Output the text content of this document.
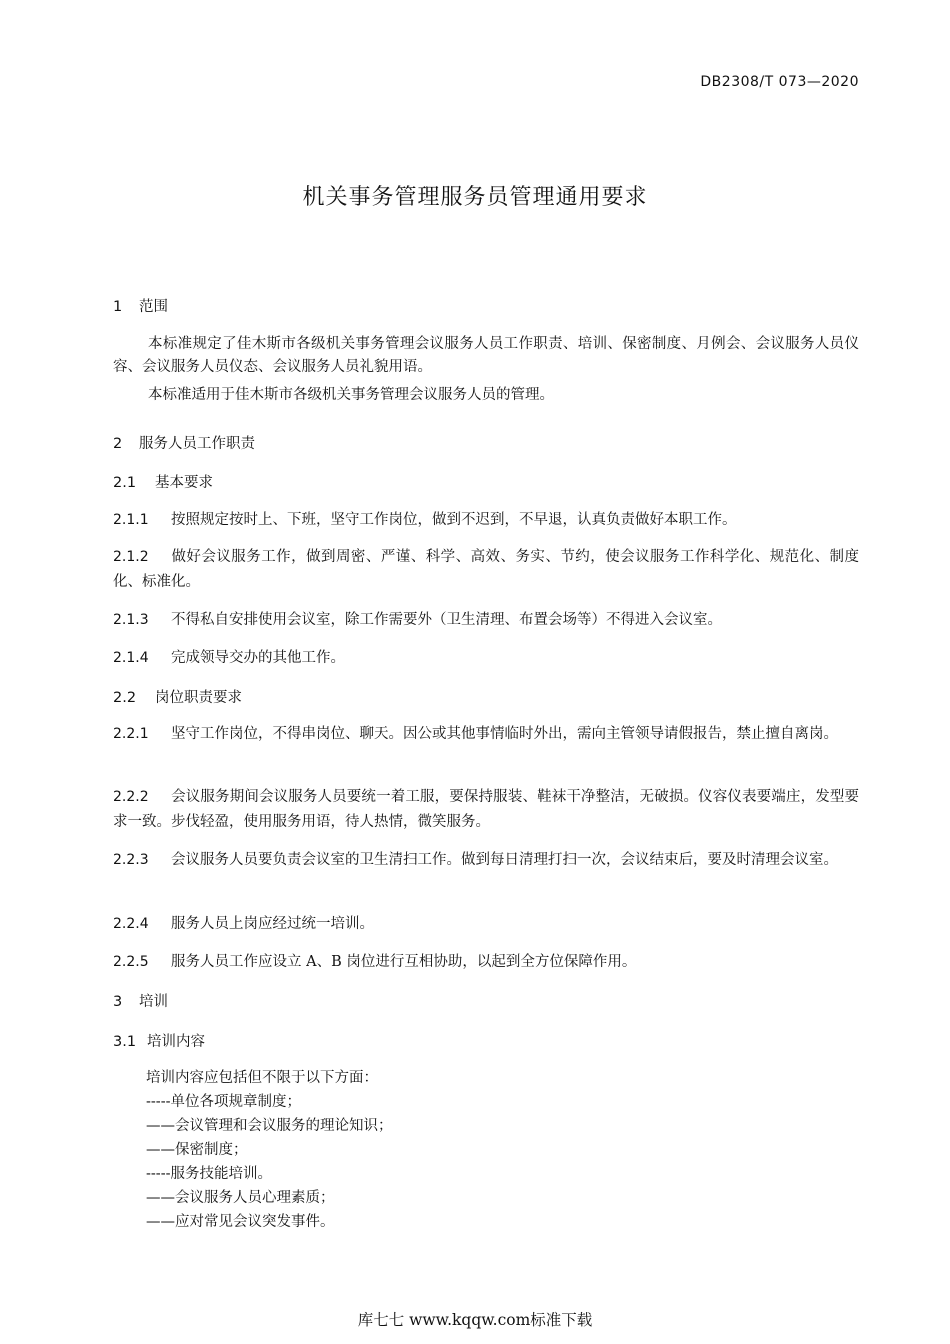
DB2308/T 073—2020
机关事务管理服务员管理通用要求
1 范围
本标准规定了佳木斯市各级机关事务管理会议服务人员工作职责、培训、保密制度、月例会、会议服务人员仪容、会议服务人员仪态、会议服务人员礼貌用语。
本标准适用于佳木斯市各级机关事务管理会议服务人员的管理。
2 服务人员工作职责
2.1 基本要求
2.1.1 按照规定按时上、下班，坚守工作岗位，做到不迟到，不早退，认真负责做好本职工作。
2.1.2 做好会议服务工作，做到周密、严谨、科学、高效、务实、节约，使会议服务工作科学化、规范化、制度化、标准化。
2.1.3 不得私自安排使用会议室，除工作需要外（卫生清理、布置会场等）不得进入会议室。
2.1.4 完成领导交办的其他工作。
2.2 岗位职责要求
2.2.1 坚守工作岗位，不得串岗位、聊天。因公或其他事情临时外出，需向主管领导请假报告，禁止擅自离岗。
2.2.2 会议服务期间会议服务人员要统一着工服，要保持服装、鞋袜干净整洁，无破损。仪容仪表要端庄，发型要求一致。步伐轻盈，使用服务用语，待人热情，微笑服务。
2.2.3 会议服务人员要负责会议室的卫生清扫工作。做到每日清理打扫一次，会议结束后，要及时清理会议室。
2.2.4 服务人员上岗应经过统一培训。
2.2.5 服务人员工作应设立 A、B 岗位进行互相协助，以起到全方位保障作用。
3 培训
3.1 培训内容
培训内容应包括但不限于以下方面：
-----单位各项规章制度；
——会议管理和会议服务的理论知识；
——保密制度；
-----服务技能培训。
——会议服务人员心理素质；
——应对常见会议突发事件。
库七七 www.kqqw.com标准下载
